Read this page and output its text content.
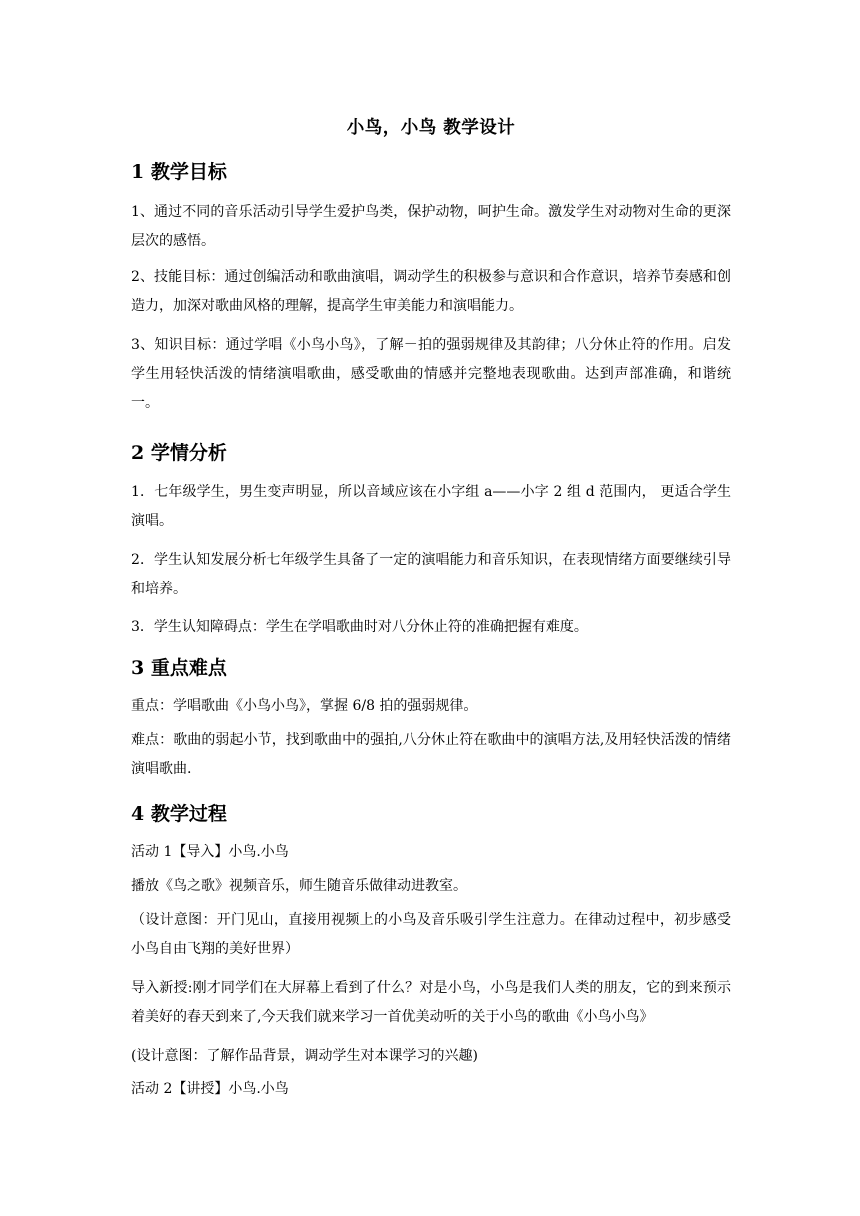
小鸟，小鸟 教学设计
1 教学目标

1、通过不同的音乐活动引导学生爱护鸟类，保护动物，呵护生命。激发学生对动物对生命的更深层次的感悟。

2、技能目标：通过创编活动和歌曲演唱，调动学生的积极参与意识和合作意识，培养节奏感和创造力，加深对歌曲风格的理解，提高学生审美能力和演唱能力。

3、知识目标：通过学唱《小鸟小鸟》，了解－拍的强弱规律及其韵律；八分休止符的作用。启发学生用轻快活泼的情绪演唱歌曲，感受歌曲的情感并完整地表现歌曲。达到声部准确，和谐统一。

2 学情分析

1．七年级学生，男生变声明显，所以音域应该在小字组 a——小字 2 组 d 范围内， 更适合学生演唱。

2．学生认知发展分析七年级学生具备了一定的演唱能力和音乐知识，在表现情绪方面要继续引导和培养。

3．学生认知障碍点：学生在学唱歌曲时对八分休止符的准确把握有难度。

3 重点难点

重点：学唱歌曲《小鸟小鸟》，掌握 6/8 拍的强弱规律。

难点：歌曲的弱起小节，找到歌曲中的强拍,八分休止符在歌曲中的演唱方法,及用轻快活泼的情绪演唱歌曲.

4 教学过程

活动 1【导入】小鸟.小鸟

播放《鸟之歌》视频音乐，师生随音乐做律动进教室。

（设计意图：开门见山，直接用视频上的小鸟及音乐吸引学生注意力。在律动过程中，初步感受小鸟自由飞翔的美好世界）

导入新授:刚才同学们在大屏幕上看到了什么？对是小鸟，小鸟是我们人类的朋友，它的到来预示着美好的春天到来了,今天我们就来学习一首优美动听的关于小鸟的歌曲《小鸟小鸟》

(设计意图：了解作品背景，调动学生对本课学习的兴趣)

活动 2【讲授】小鸟.小鸟
